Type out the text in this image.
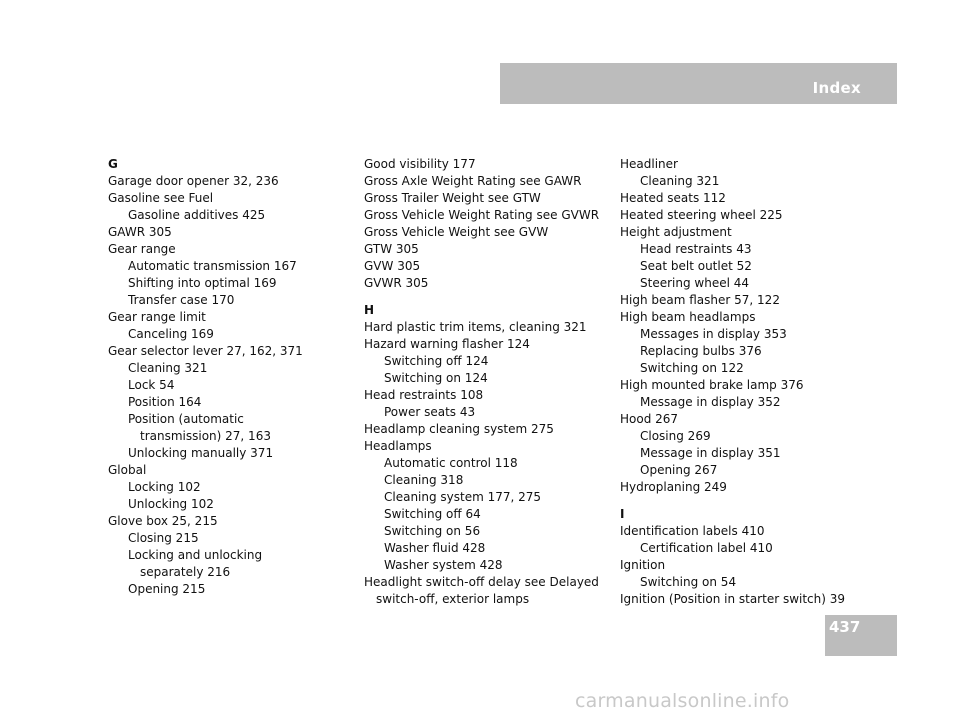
Index
G
Garage door opener 32, 236
Gasoline see Fuel
Gasoline additives 425
GAWR 305
Gear range
Automatic transmission 167
Shifting into optimal 169
Transfer case 170
Gear range limit
Canceling 169
Gear selector lever 27, 162, 371
Cleaning 321
Lock 54
Position 164
Position (automatic
transmission) 27, 163
Unlocking manually 371
Global
Locking 102
Unlocking 102
Glove box 25, 215
Closing 215
Locking and unlocking
separately 216
Opening 215
Good visibility 177
Gross Axle Weight Rating see GAWR
Gross Trailer Weight see GTW
Gross Vehicle Weight Rating see GVWR
Gross Vehicle Weight see GVW
GTW 305
GVW 305
GVWR 305
H
Hard plastic trim items, cleaning 321
Hazard warning flasher 124
Switching off 124
Switching on 124
Head restraints 108
Power seats 43
Headlamp cleaning system 275
Headlamps
Automatic control 118
Cleaning 318
Cleaning system 177, 275
Switching off 64
Switching on 56
Washer fluid 428
Washer system 428
Headlight switch-off delay see Delayed
switch-off, exterior lamps
Headliner
Cleaning 321
Heated seats 112
Heated steering wheel 225
Height adjustment
Head restraints 43
Seat belt outlet 52
Steering wheel 44
High beam flasher 57, 122
High beam headlamps
Messages in display 353
Replacing bulbs 376
Switching on 122
High mounted brake lamp 376
Message in display 352
Hood 267
Closing 269
Message in display 351
Opening 267
Hydroplaning 249
I
Identification labels 410
Certification label 410
Ignition
Switching on 54
Ignition (Position in starter switch) 39
437
carmanualsonline.info
